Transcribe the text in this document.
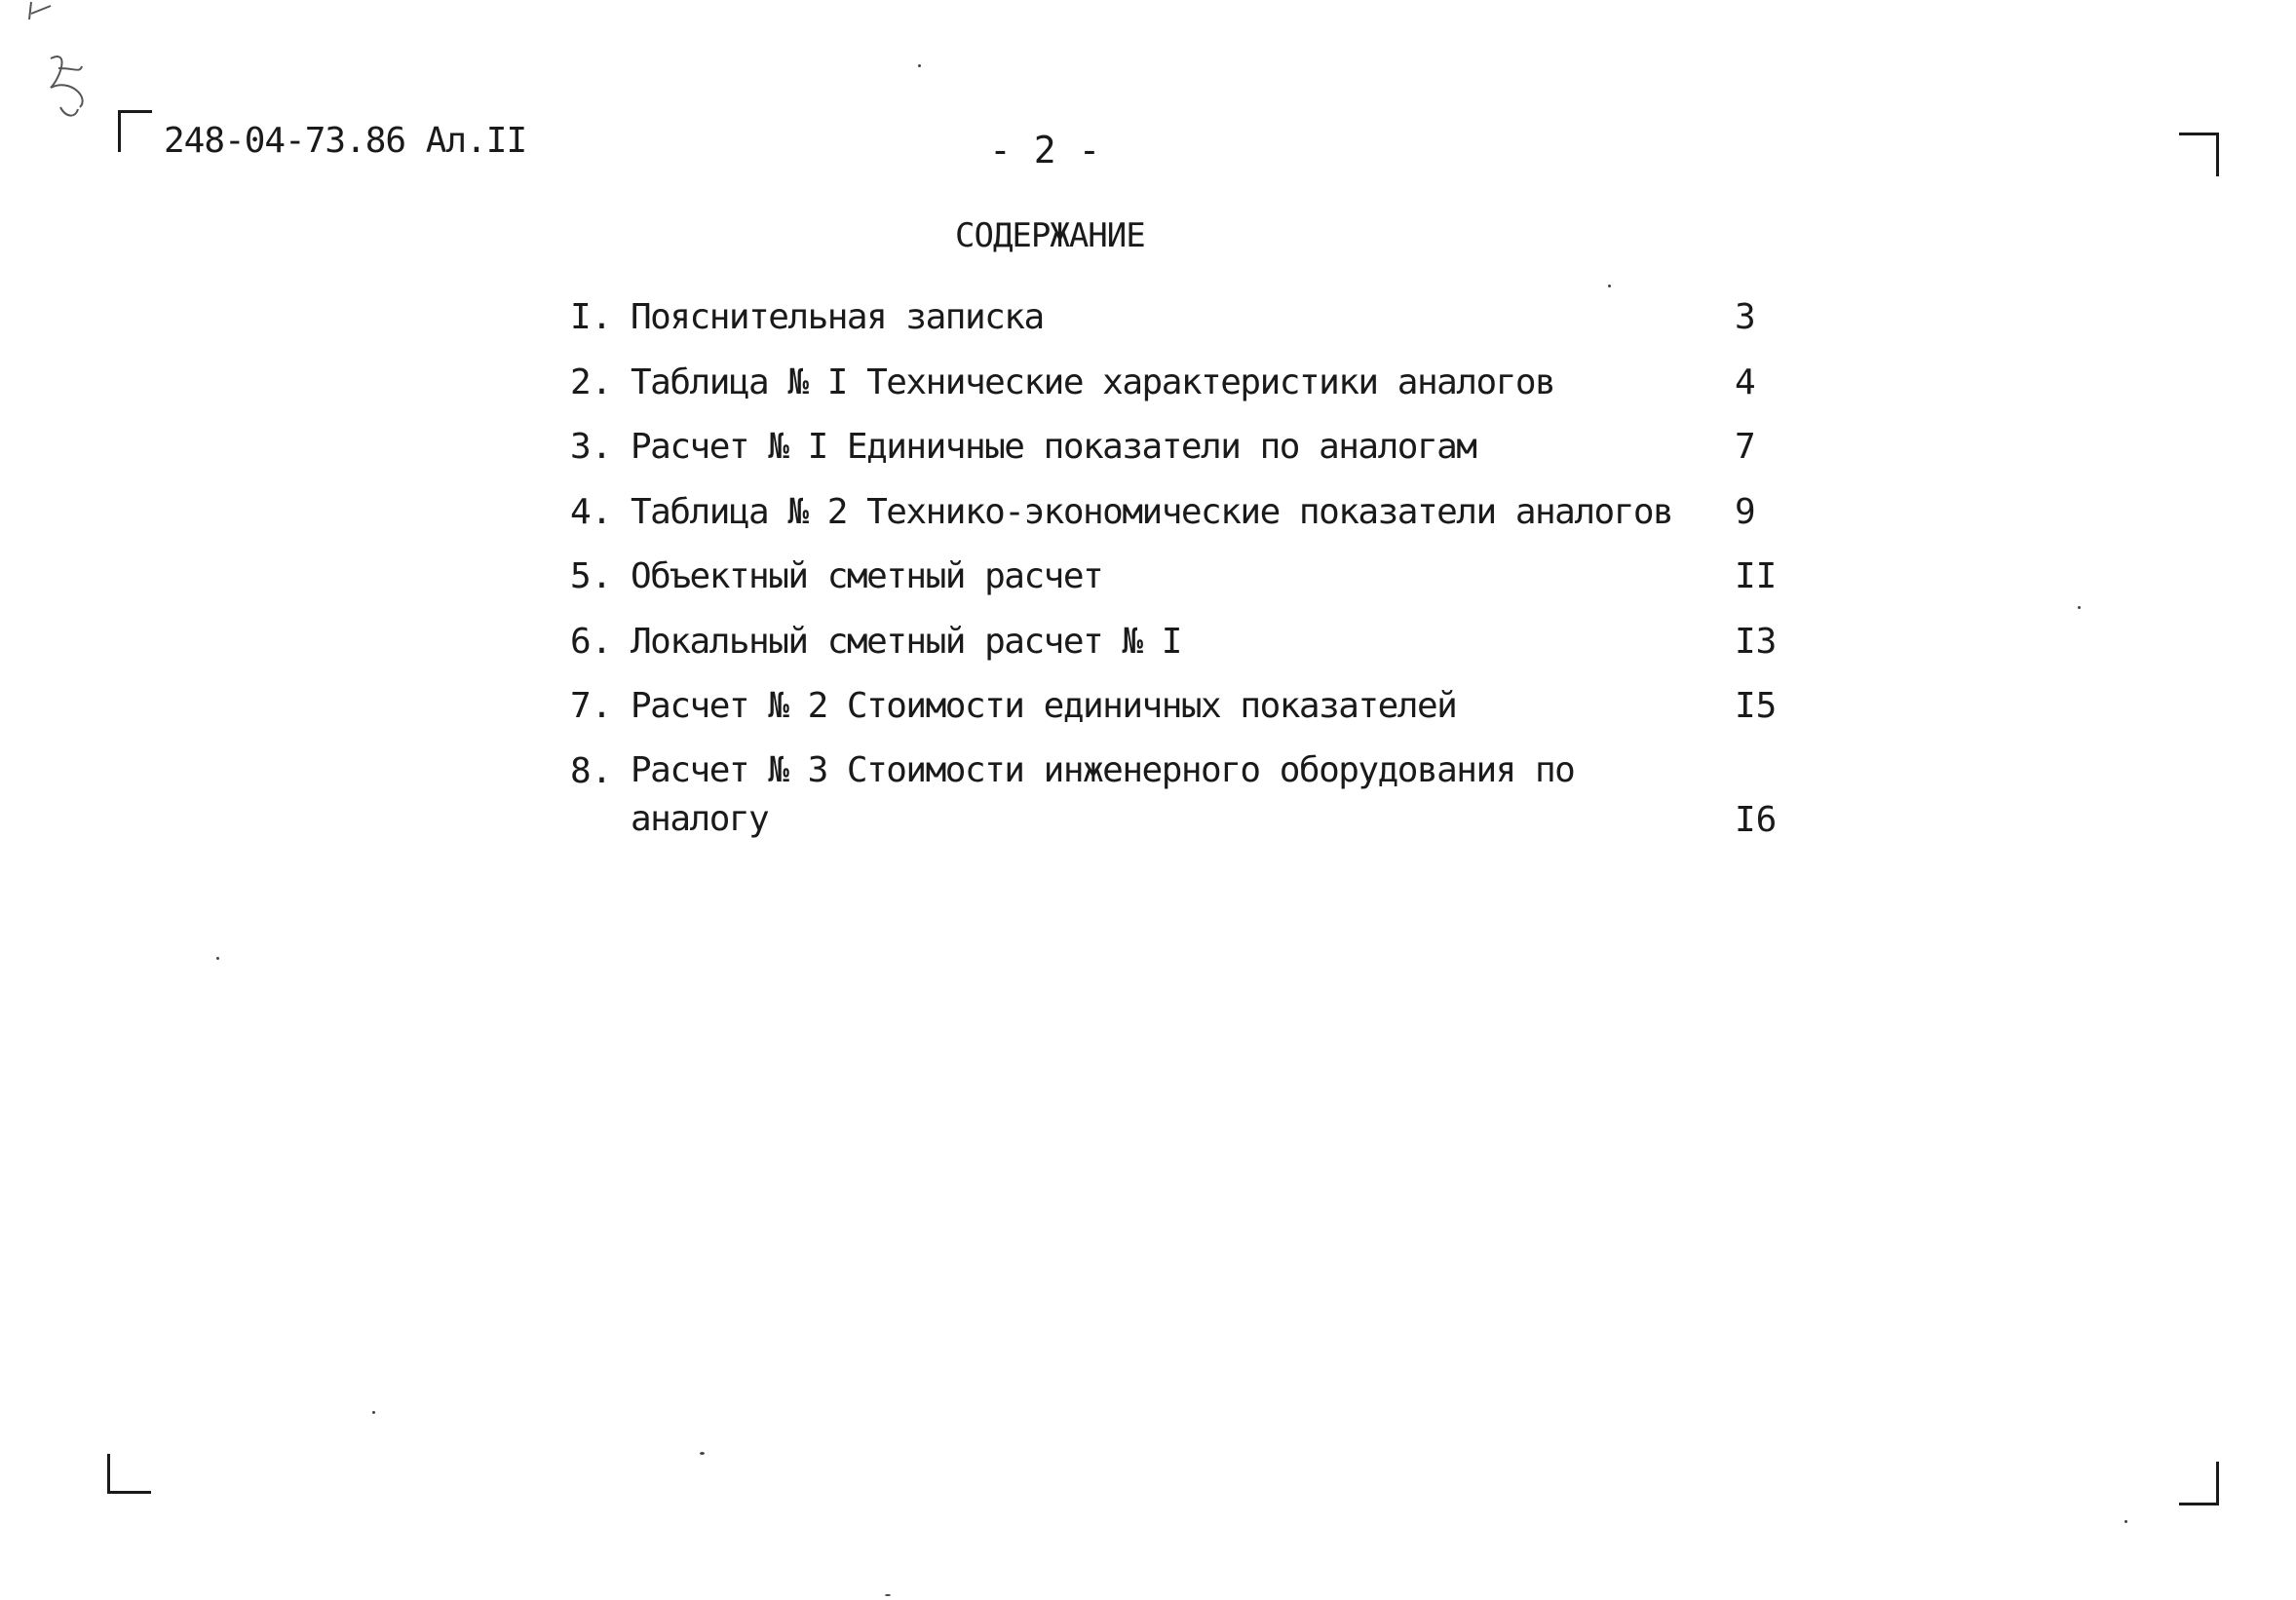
248-04-73.86 Ал.II	- 2 -
СОДЕРЖАНИЕ
I. Пояснительная записка	3
2. Таблица № I Технические характеристики аналогов	4
3. Расчет № I Единичные показатели по аналогам	7
4. Таблица № 2 Технико-экономические показатели аналогов 9
5. Объектный сметный расчет	II
6. Локальный сметный расчет № I	I3
7. Расчет № 2 Стоимости единичных показателей	I5
8. Расчет № 3 Стоимости инженерного оборудования по аналогу	I6
